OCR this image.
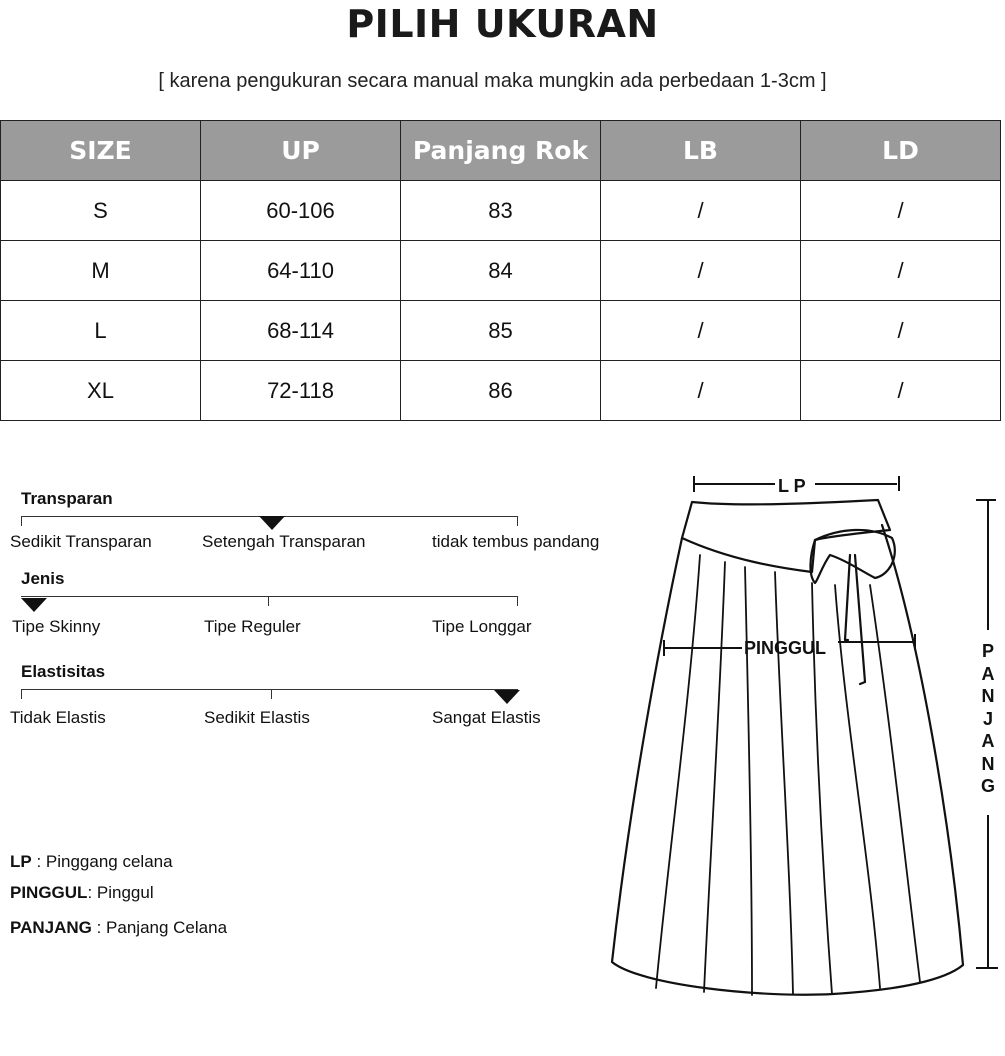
PILIH UKURAN
[ karena pengukuran secara manual maka mungkin ada perbedaan 1-3cm ]
SIZE	UP	Panjang Rok	LB	LD
S	60-106	83	/	/
M	64-110	84	/	/
L	68-114	85	/	/
XL	72-118	86	/	/
Transparan
Sedikit Transparan	Setengah Transparan	tidak tembus pandang
Jenis
Tipe Skinny	Tipe Reguler	Tipe Longgar
Elastisitas
Tidak Elastis	Sedikit Elastis	Sangat Elastis
LP : Pinggang celana
PINGGUL: Pinggul
PANJANG : Panjang Celana
L P
PINGGUL	P
A
N
J
A
N
G
